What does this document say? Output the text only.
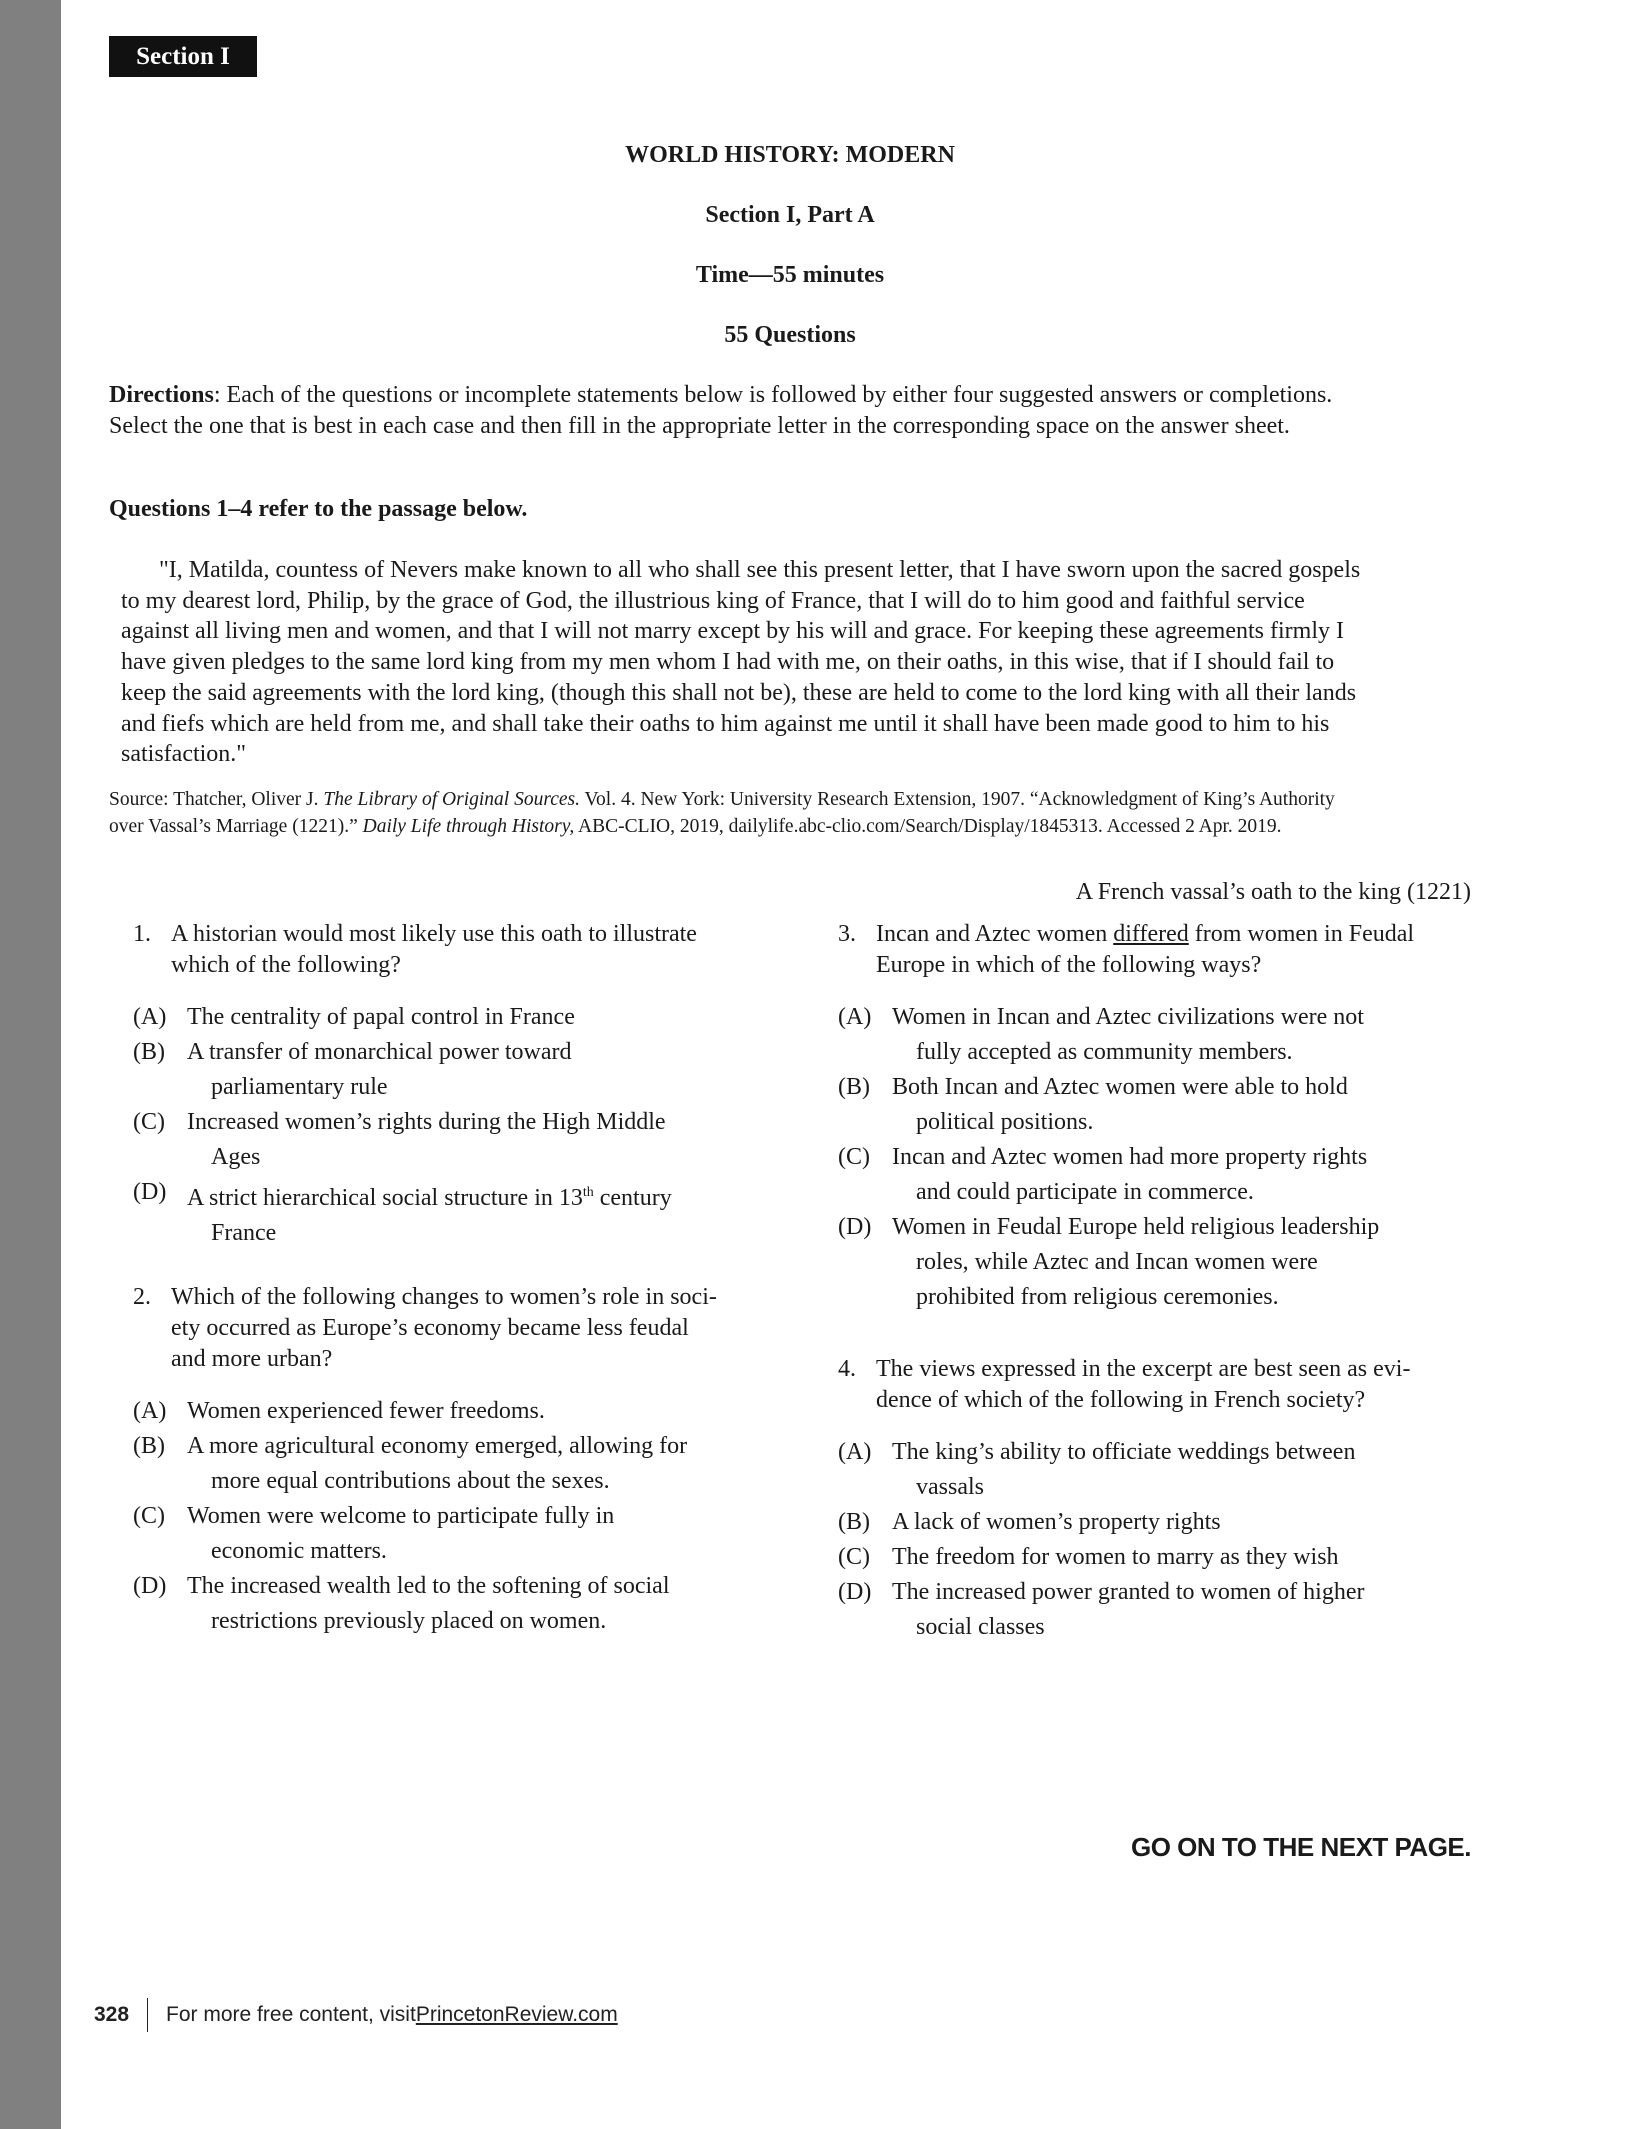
Section I
WORLD HISTORY: MODERN
Section I, Part A
Time—55 minutes
55 Questions
Directions: Each of the questions or incomplete statements below is followed by either four suggested answers or completions.
Select the one that is best in each case and then fill in the appropriate letter in the corresponding space on the answer sheet.
Questions 1–4 refer to the passage below.
"I, Matilda, countess of Nevers make known to all who shall see this present letter, that I have sworn upon the sacred gospels
to my dearest lord, Philip, by the grace of God, the illustrious king of France, that I will do to him good and faithful service
against all living men and women, and that I will not marry except by his will and grace. For keeping these agreements firmly I
have given pledges to the same lord king from my men whom I had with me, on their oaths, in this wise, that if I should fail to
keep the said agreements with the lord king, (though this shall not be), these are held to come to the lord king with all their lands
and fiefs which are held from me, and shall take their oaths to him against me until it shall have been made good to him to his
satisfaction."
Source: Thatcher, Oliver J. The Library of Original Sources. Vol. 4. New York: University Research Extension, 1907. “Acknowledgment of King’s Authority
over Vassal’s Marriage (1221).” Daily Life through History, ABC-CLIO, 2019, dailylife.abc-clio.com/Search/Display/1845313. Accessed 2 Apr. 2019.
A French vassal’s oath to the king (1221)
1. A historian would most likely use this oath to illustrate
which of the following?
(A) The centrality of papal control in France
(B) A transfer of monarchical power toward
parliamentary rule
(C) Increased women’s rights during the High Middle
Ages
(D) A strict hierarchical social structure in 13th century
France
2. Which of the following changes to women’s role in soci-
ety occurred as Europe’s economy became less feudal
and more urban?
(A) Women experienced fewer freedoms.
(B) A more agricultural economy emerged, allowing for
more equal contributions about the sexes.
(C) Women were welcome to participate fully in
economic matters.
(D) The increased wealth led to the softening of social
restrictions previously placed on women.
3. Incan and Aztec women differed from women in Feudal
Europe in which of the following ways?
(A) Women in Incan and Aztec civilizations were not
fully accepted as community members.
(B) Both Incan and Aztec women were able to hold
political positions.
(C) Incan and Aztec women had more property rights
and could participate in commerce.
(D) Women in Feudal Europe held religious leadership
roles, while Aztec and Incan women were
prohibited from religious ceremonies.
4. The views expressed in the excerpt are best seen as evi-
dence of which of the following in French society?
(A) The king’s ability to officiate weddings between
vassals
(B) A lack of women’s property rights
(C) The freedom for women to marry as they wish
(D) The increased power granted to women of higher
social classes
GO ON TO THE NEXT PAGE.
328 For more free content, visit PrincetonReview.com
